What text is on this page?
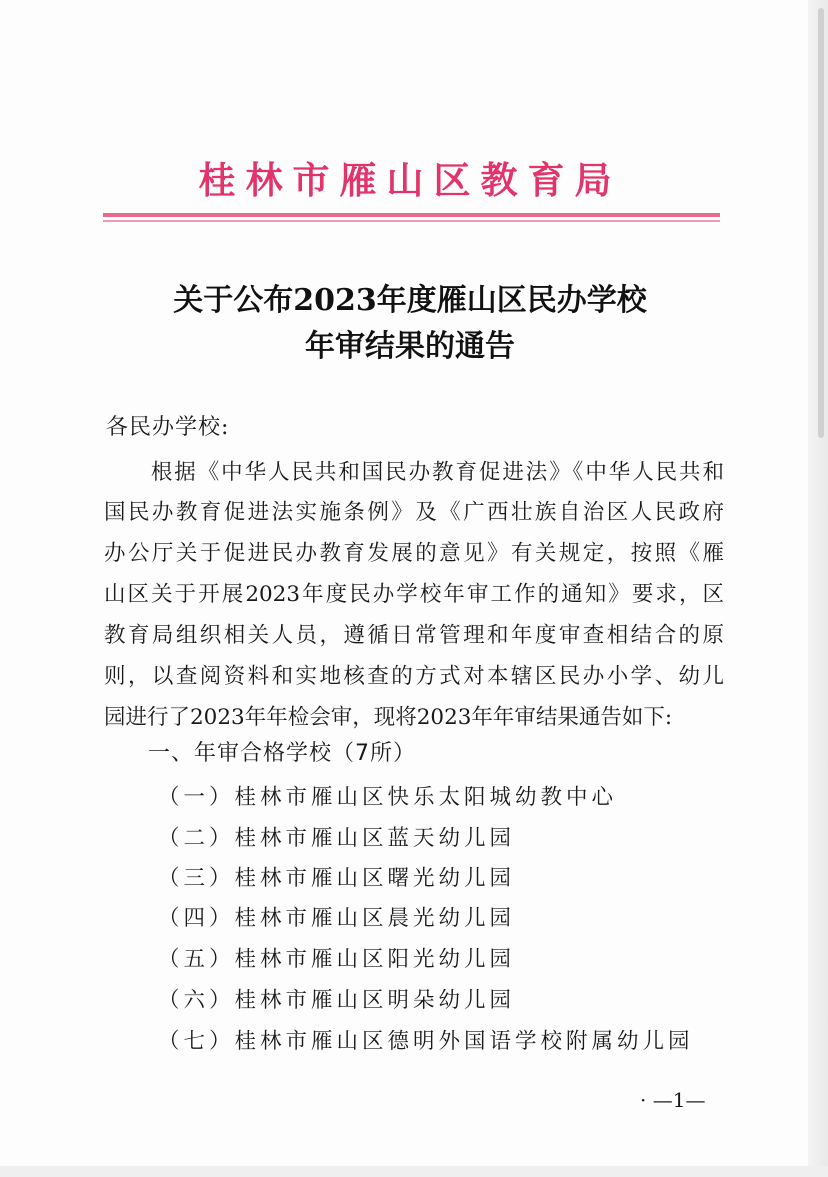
桂林市雁山区教育局
关于公布2023年度雁山区民办学校
年审结果的通告
各民办学校:
　　根据《中华人民共和国民办教育促进法》《中华人民共和
国民办教育促进法实施条例》及《广西壮族自治区人民政府
办公厅关于促进民办教育发展的意见》有关规定，按照《雁
山区关于开展2023年度民办学校年审工作的通知》要求，区
教育局组织相关人员，遵循日常管理和年度审查相结合的原
则，以查阅资料和实地核查的方式对本辖区民办小学、幼儿
园进行了2023年年检会审，现将2023年年审结果通告如下:
一、年审合格学校（7所）
（一）桂林市雁山区快乐太阳城幼教中心
（二）桂林市雁山区蓝天幼儿园
（三）桂林市雁山区曙光幼儿园
（四）桂林市雁山区晨光幼儿园
（五）桂林市雁山区阳光幼儿园
（六）桂林市雁山区明朵幼儿园
（七）桂林市雁山区德明外国语学校附属幼儿园
· —1—
